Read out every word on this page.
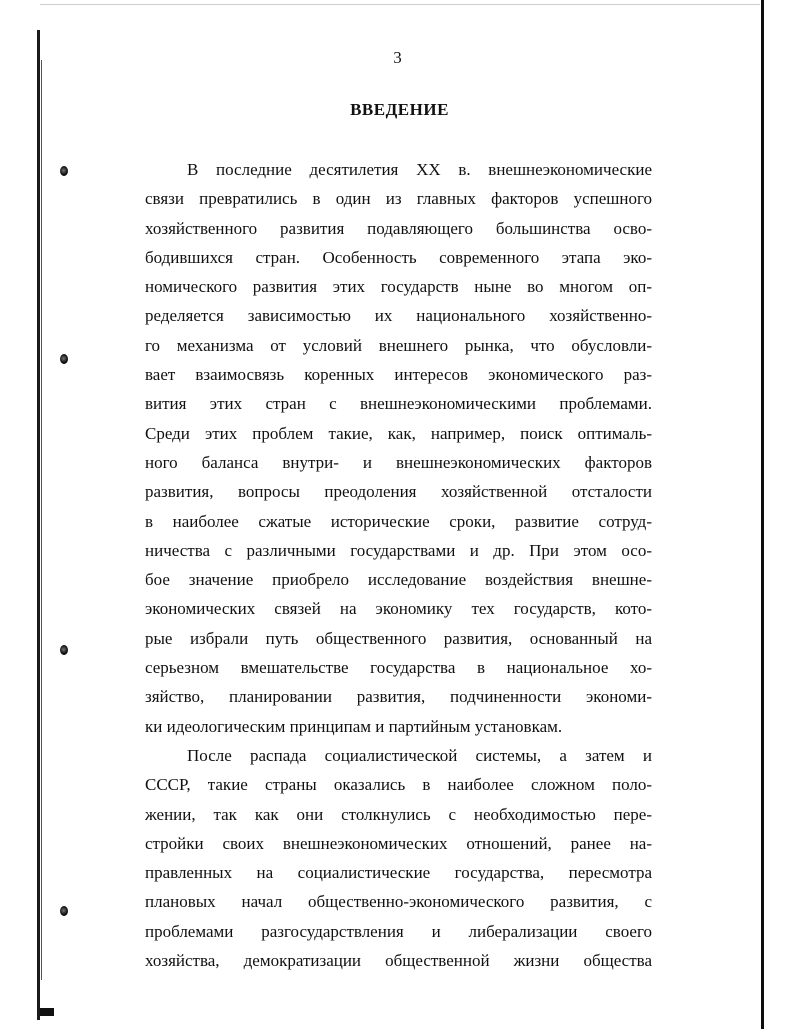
3
ВВЕДЕНИЕ
В последние десятилетия XX в. внешнеэкономические
связи превратились в один из главных факторов успешного
хозяйственного развития подавляющего большинства осво-
бодившихся стран. Особенность современного этапа эко-
номического развития этих государств ныне во многом оп-
ределяется зависимостью их национального хозяйственно-
го механизма от условий внешнего рынка, что обусловли-
вает взаимосвязь коренных интересов экономического раз-
вития этих стран с внешнеэкономическими проблемами.
Среди этих проблем такие, как, например, поиск оптималь-
ного баланса внутри- и внешнеэкономических факторов
развития, вопросы преодоления хозяйственной отсталости
в наиболее сжатые исторические сроки, развитие сотруд-
ничества с различными государствами и др. При этом осо-
бое значение приобрело исследование воздействия внешне-
экономических связей на экономику тех государств, кото-
рые избрали путь общественного развития, основанный на
серьезном вмешательстве государства в национальное хо-
зяйство, планировании развития, подчиненности экономи-
ки идеологическим принципам и партийным установкам.
После распада социалистической системы, а затем и
СССР, такие страны оказались в наиболее сложном поло-
жении, так как они столкнулись с необходимостью пере-
стройки своих внешнеэкономических отношений, ранее на-
правленных на социалистические государства, пересмотра
плановых начал общественно-экономического развития, с
проблемами разгосударствления и либерализации своего
хозяйства, демократизации общественной жизни общества
